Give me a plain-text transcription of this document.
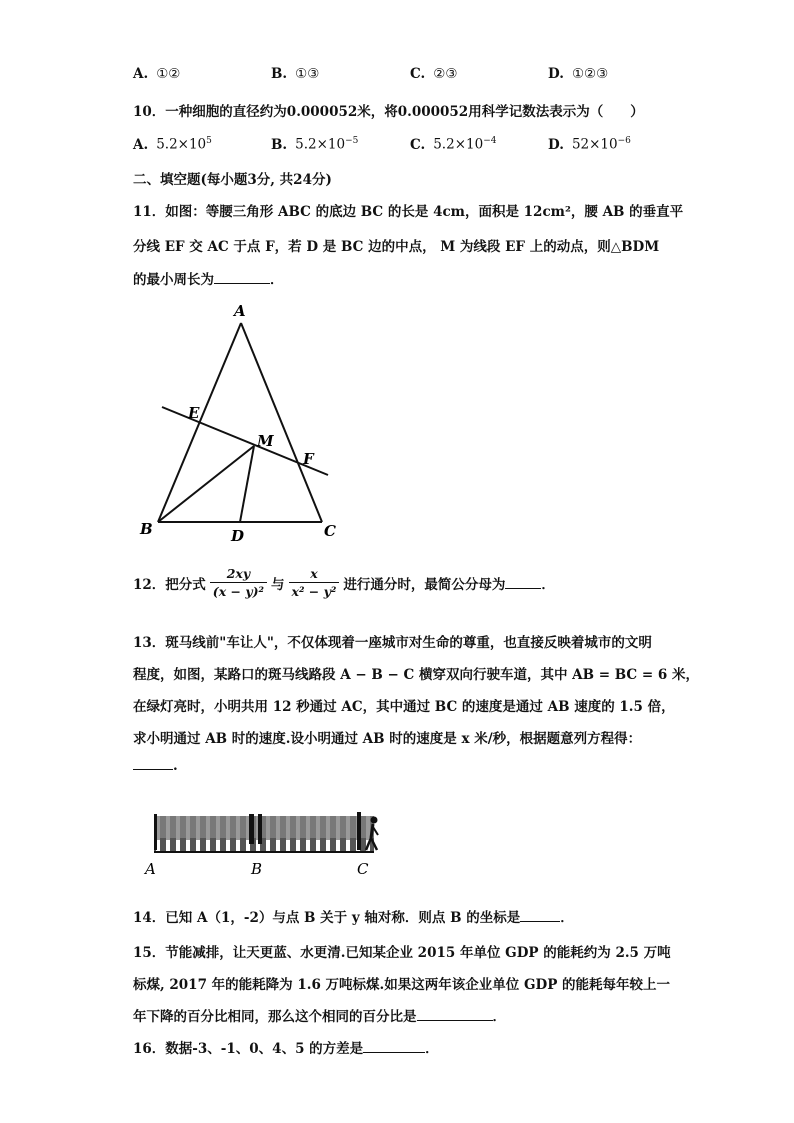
A. ①②	B. ①③	C. ②③	D. ①②③
10．一种细胞的直径约为0.000052米，将0.000052用科学记数法表示为（　　）
A. $5.2\times 10^5$	B. $5.2\times 10^{-5}$	C. $5.2\times 10^{-4}$	D. $52\times 10^{-6}$
二、填空题(每小题3分, 共24分)
11．如图：等腰三角形 ABC 的底边 BC 的长是 4cm，面积是 12cm²，腰 AB 的垂直平
分线 EF 交 AC 于点 F，若 D 是 BC 边的中点， M 为线段 EF 上的动点，则△BDM
的最小周长为	．
A
B	C
D
E
F
M
12．把分式 $\frac{2xy}{\text{(x − y)²}}$ 与 $\frac{x}{\text{x² − y²}}$ 进行通分时，最简公分母为	．
13．斑马线前"车让人"，不仅体现着一座城市对生命的尊重，也直接反映着城市的文明
程度，如图，某路口的斑马线路段 A − B − C 横穿双向行驶车道，其中 AB = BC = 6 米，
在绿灯亮时，小明共用 12 秒通过 AC，其中通过 BC 的速度是通过 AB 速度的 1.5 倍，
求小明通过 AB 时的速度.设小明通过 AB 时的速度是 x 米/秒，根据题意列方程得：
.
A	B	C
14．已知 A（1，-2）与点 B 关于 y 轴对称．则点 B 的坐标是	．
15．节能减排，让天更蓝、水更清.已知某企业 2015 年单位 GDP 的能耗约为 2.5 万吨
标煤, 2017 年的能耗降为 1.6 万吨标煤.如果这两年该企业单位 GDP 的能耗每年较上一
年下降的百分比相同，那么这个相同的百分比是	．
16．数据-3、-1、0、4、5 的方差是	．
